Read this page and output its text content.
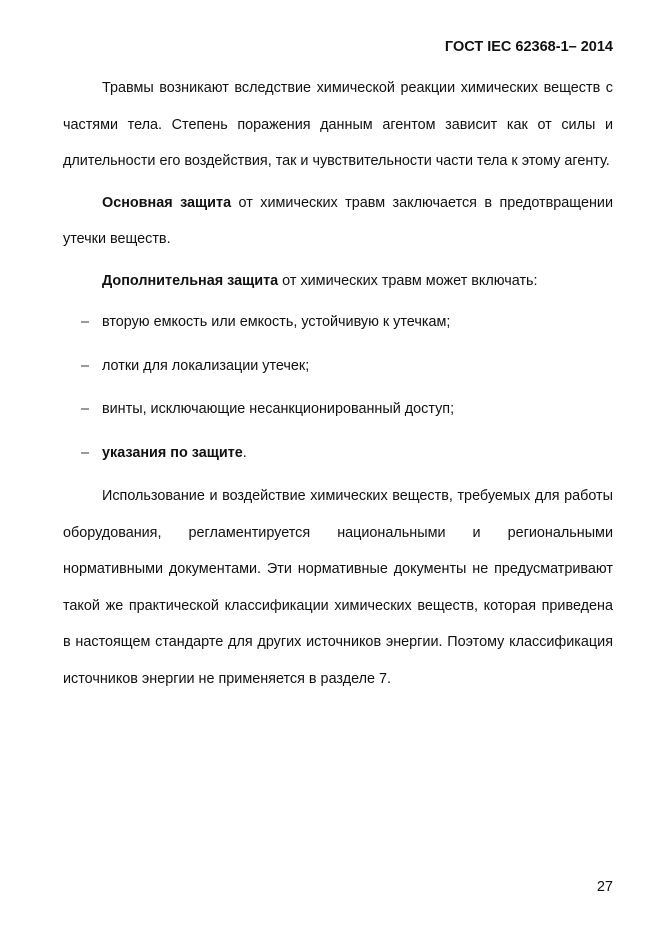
ГОСТ IEC 62368-1– 2014

Травмы возникают вследствие химической реакции химических веществ с частями тела. Степень поражения данным агентом зависит как от силы и длительности его воздействия, так и чувствительности части тела к этому агенту.

Основная защита от химических травм заключается в предотвращении утечки веществ.

Дополнительная защита от химических травм может включать:

– вторую емкость или емкость, устойчивую к утечкам;
– лотки для локализации утечек;
– винты, исключающие несанкционированный доступ;
– указания по защите.

Использование и воздействие химических веществ, требуемых для работы оборудования, регламентируется национальными и региональными нормативными документами. Эти нормативные документы не предусматривают такой же практической классификации химических веществ, которая приведена в настоящем стандарте для других источников энергии. Поэтому классификация источников энергии не применяется в разделе 7.

27
